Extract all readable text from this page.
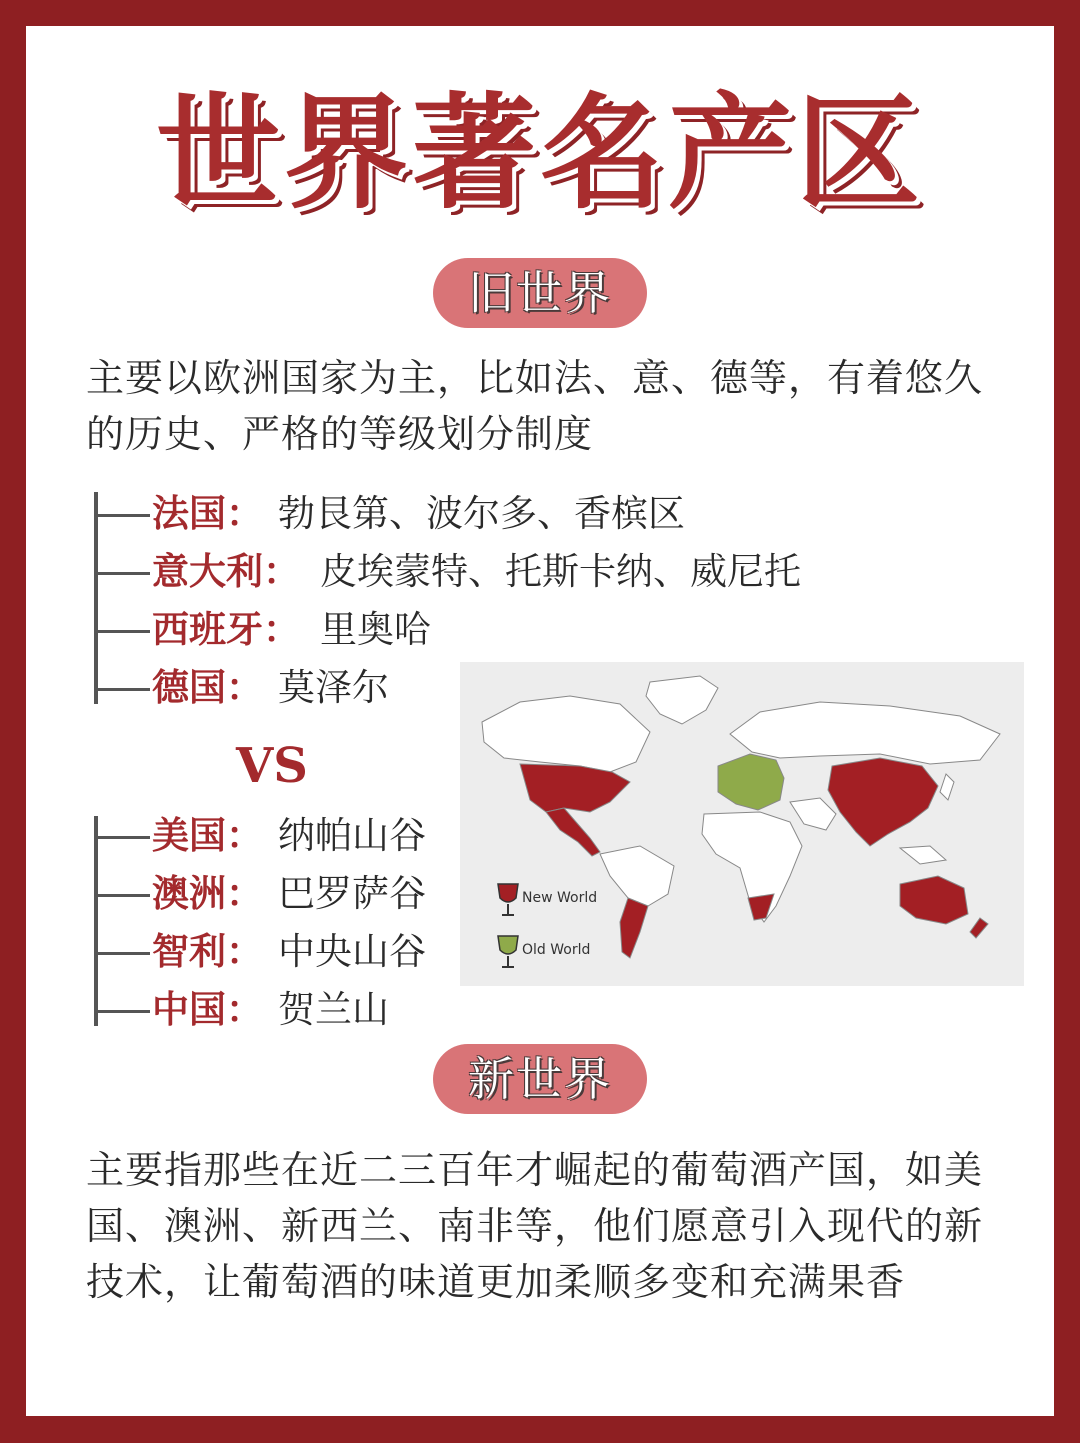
世界著名产区
旧世界
主要以欧洲国家为主，比如法、意、德等，有着悠久的历史、严格的等级划分制度
法国： 勃艮第、波尔多、香槟区
意大利： 皮埃蒙特、托斯卡纳、威尼托
西班牙： 里奥哈
德国： 莫泽尔
VS
美国： 纳帕山谷
澳洲： 巴罗萨谷
智利： 中央山谷
中国： 贺兰山
New World
Old World
新世界
主要指那些在近二三百年才崛起的葡萄酒产国，如美国、澳洲、新西兰、南非等，他们愿意引入现代的新技术，让葡萄酒的味道更加柔顺多变和充满果香
